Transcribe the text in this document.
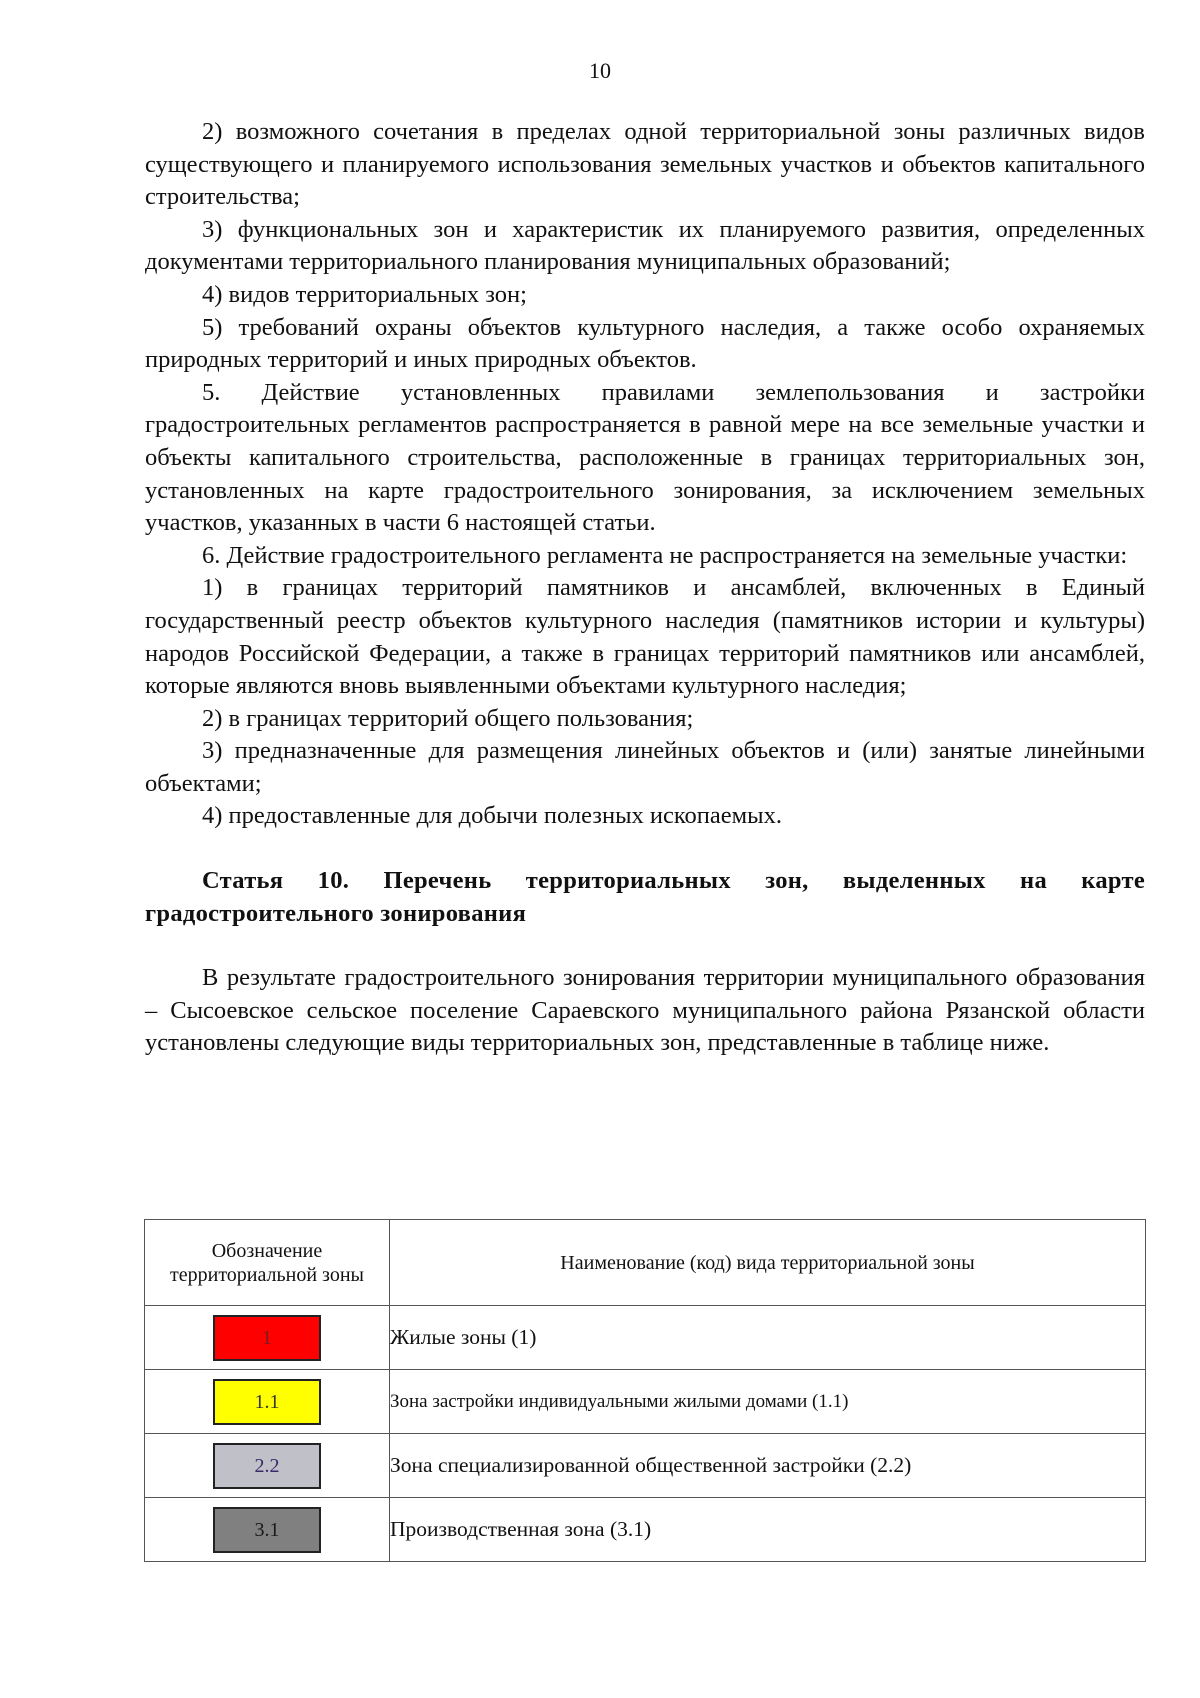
10

2) возможного сочетания в пределах одной территориальной зоны различных видов существующего и планируемого использования земельных участков и объектов капитального строительства;

3) функциональных зон и характеристик их планируемого развития, определенных документами территориального планирования муниципальных образований;

4) видов территориальных зон;

5) требований охраны объектов культурного наследия, а также особо охраняемых природных территорий и иных природных объектов.

5. Действие установленных правилами землепользования и застройки градостроительных регламентов распространяется в равной мере на все земельные участки и объекты капитального строительства, расположенные в границах территориальных зон, установленных на карте градостроительного зонирования, за исключением земельных участков, указанных в части 6 настоящей статьи.

6. Действие градостроительного регламента не распространяется на земельные участки:

1) в границах территорий памятников и ансамблей, включенных в Единый государственный реестр объектов культурного наследия (памятников истории и культуры) народов Российской Федерации, а также в границах территорий памятников или ансамблей, которые являются вновь выявленными объектами культурного наследия;

2) в границах территорий общего пользования;

3) предназначенные для размещения линейных объектов и (или) занятые линейными объектами;

4) предоставленные для добычи полезных ископаемых.

Статья 10. Перечень территориальных зон, выделенных на карте градостроительного зонирования

В результате градостроительного зонирования территории муниципального образования – Сысоевское сельское поселение Сараевского муниципального района Рязанской области установлены следующие виды территориальных зон, представленные в таблице ниже.

Обозначение территориальной зоны	Наименование (код) вида территориальной зоны
1	Жилые зоны (1)
1.1	Зона застройки индивидуальными жилыми домами (1.1)
2.2	Зона специализированной общественной застройки (2.2)
3.1	Производственная зона (3.1)
